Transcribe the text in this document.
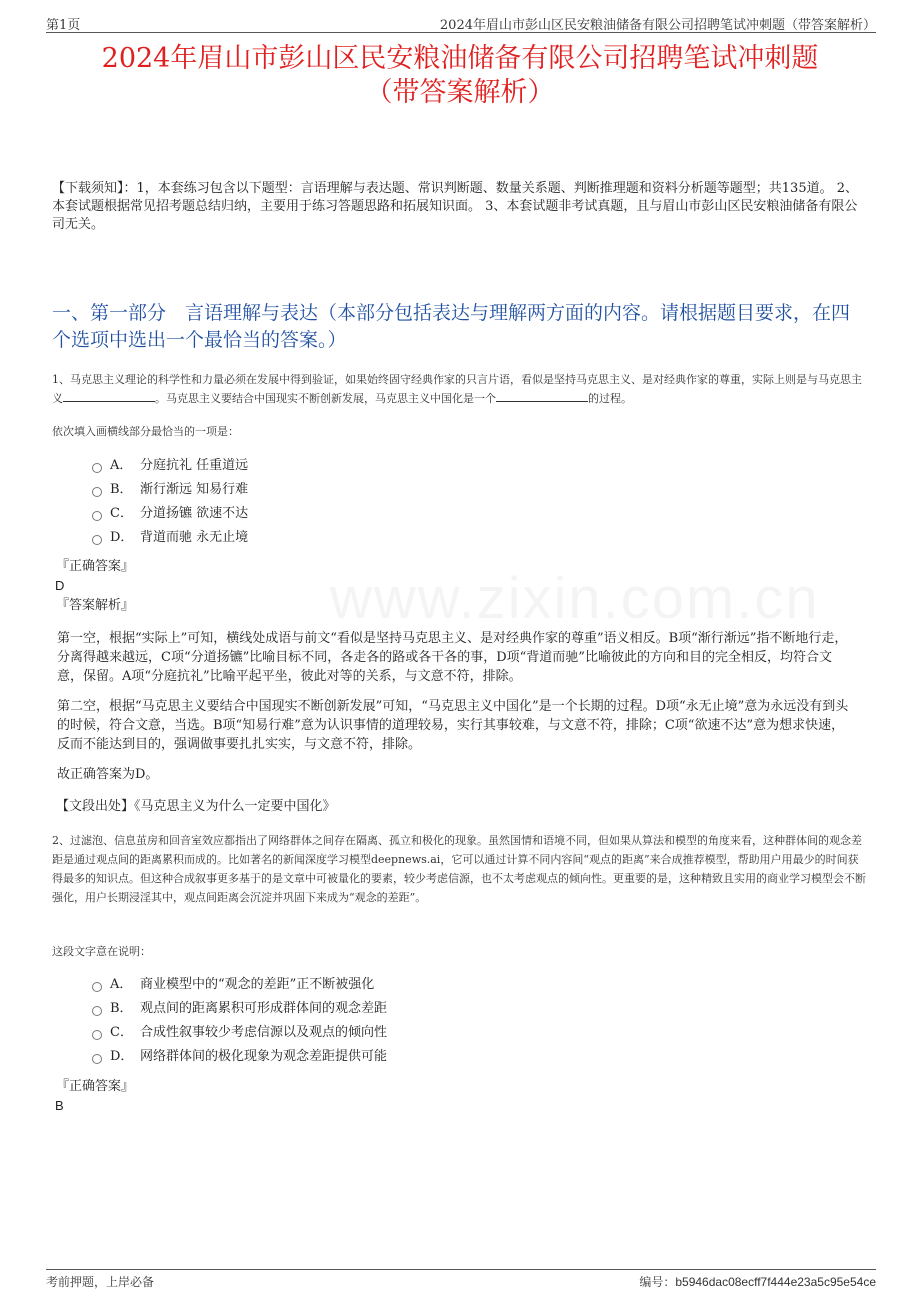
第1页	2024年眉山市彭山区民安粮油储备有限公司招聘笔试冲刺题（带答案解析）
2024年眉山市彭山区民安粮油储备有限公司招聘笔试冲刺题
（带答案解析）
【下载须知】：1，本套练习包含以下题型：言语理解与表达题、常识判断题、数量关系题、判断推理题和资料分析题等题型；共135道。 2、本套试题根据常见招考题总结归纳，主要用于练习答题思路和拓展知识面。 3、本套试题非考试真题，且与眉山市彭山区民安粮油储备有限公司无关。
一、第一部分　言语理解与表达（本部分包括表达与理解两方面的内容。请根据题目要求，在四个选项中选出一个最恰当的答案。）
1、马克思主义理论的科学性和力量必须在发展中得到验证，如果始终固守经典作家的只言片语，看似是坚持马克思主义、是对经典作家的尊重，实际上则是与马克思主义	。马克思主义要结合中国现实不断创新发展，马克思主义中国化是一个	的过程。
依次填入画横线部分最恰当的一项是：
A． 分庭抗礼 任重道远
B． 渐行渐远 知易行难
C． 分道扬镳 欲速不达
D． 背道而驰 永无止境
『正确答案』
D
『答案解析』
第一空，根据“实际上”可知，横线处成语与前文“看似是坚持马克思主义、是对经典作家的尊重”语义相反。B项“渐行渐远”指不断地行走，分离得越来越远，C项“分道扬镳”比喻目标不同，各走各的路或各干各的事，D项“背道而驰”比喻彼此的方向和目的完全相反，均符合文意，保留。A项“分庭抗礼”比喻平起平坐，彼此对等的关系，与文意不符，排除。
第二空，根据“马克思主义要结合中国现实不断创新发展”可知，“马克思主义中国化”是一个长期的过程。D项“永无止境”意为永远没有到头的时候，符合文意，当选。B项“知易行难”意为认识事情的道理较易，实行其事较难，与文意不符，排除；C项“欲速不达”意为想求快速，反而不能达到目的，强调做事要扎扎实实，与文意不符，排除。
故正确答案为D。
【文段出处】《马克思主义为什么一定要中国化》
2、过滤泡、信息茧房和回音室效应都指出了网络群体之间存在隔离、孤立和极化的现象。虽然国情和语境不同，但如果从算法和模型的角度来看，这种群体间的观念差距是通过观点间的距离累积而成的。比如著名的新闻深度学习模型deepnews.ai，它可以通过计算不同内容间“观点的距离”来合成推荐模型，帮助用户用最少的时间获得最多的知识点。但这种合成叙事更多基于的是文章中可被量化的要素，较少考虑信源，也不太考虑观点的倾向性。更重要的是，这种精致且实用的商业学习模型会不断强化，用户长期浸淫其中，观点间距离会沉淀并巩固下来成为“观念的差距”。
这段文字意在说明：
A． 商业模型中的“观念的差距”正不断被强化
B． 观点间的距离累积可形成群体间的观念差距
C． 合成性叙事较少考虑信源以及观点的倾向性
D． 网络群体间的极化现象为观念差距提供可能
『正确答案』
B
考前押题，上岸必备	编号：b5946dac08ecff7f444e23a5c95e54ce
